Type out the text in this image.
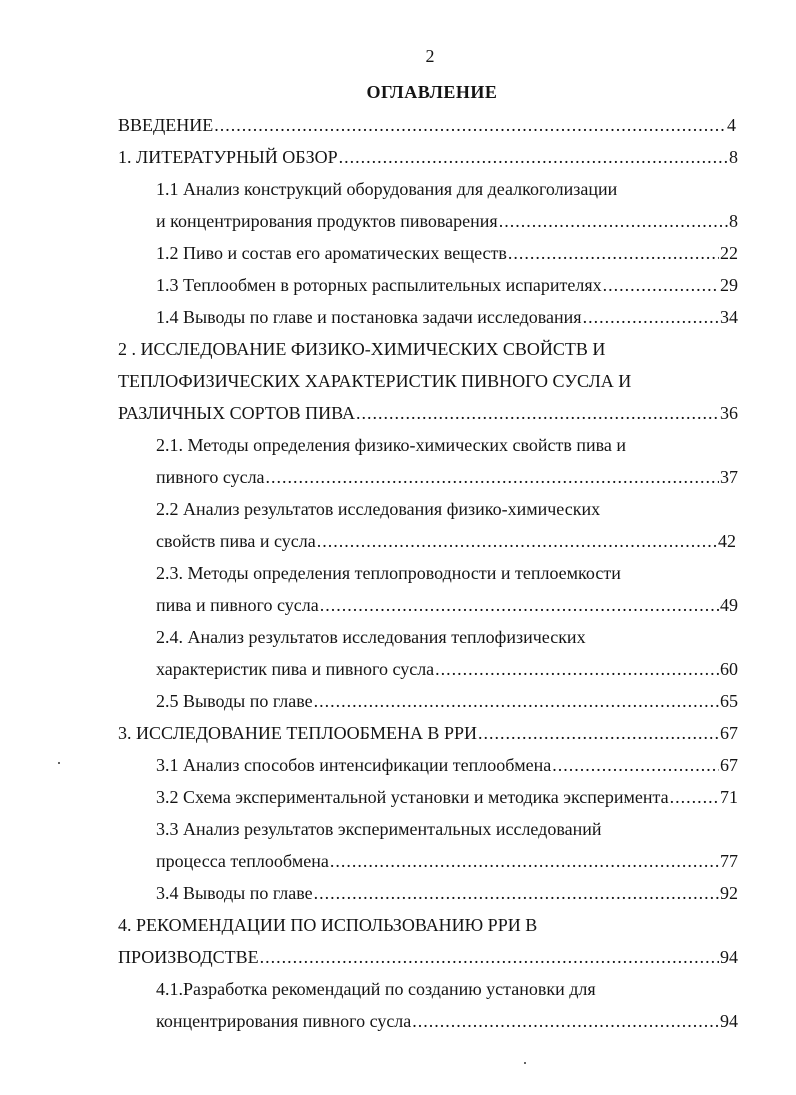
2
ОГЛАВЛЕНИЕ
ВВЕДЕНИЕ .....	4
1. ЛИТЕРАТУРНЫЙ ОБЗОР .....	8
1.1 Анализ конструкций оборудования для деалкоголизации
и концентрирования продуктов пивоварения .....	8
1.2 Пиво и состав его ароматических веществ .....	22
1.3 Теплообмен в роторных распылительных испарителях .....	29
1.4 Выводы по главе и постановка задачи исследования .....	34
2 . ИССЛЕДОВАНИЕ ФИЗИКО-ХИМИЧЕСКИХ СВОЙСТВ И
ТЕПЛОФИЗИЧЕСКИХ ХАРАКТЕРИСТИК ПИВНОГО СУСЛА И
РАЗЛИЧНЫХ СОРТОВ ПИВА .....	36
2.1. Методы определения физико-химических свойств пива и
пивного сусла .....	37
2.2 Анализ результатов исследования физико-химических
свойств пива и сусла .....	42
2.3. Методы определения теплопроводности и теплоемкости
пива и пивного сусла .....	49
2.4. Анализ результатов исследования теплофизических
характеристик пива и пивного сусла .....	60
2.5 Выводы по главе .....	65
3. ИССЛЕДОВАНИЕ ТЕПЛООБМЕНА В РРИ .....	67
3.1 Анализ способов интенсификации теплообмена .....	67
3.2 Схема экспериментальной установки и методика эксперимента .....	71
3.3 Анализ результатов экспериментальных исследований
процесса теплообмена .....	77
3.4 Выводы по главе .....	92
4. РЕКОМЕНДАЦИИ ПО ИСПОЛЬЗОВАНИЮ РРИ В
ПРОИЗВОДСТВЕ .....	94
4.1.Разработка рекомендаций по созданию установки для
концентрирования пивного сусла .....	94
